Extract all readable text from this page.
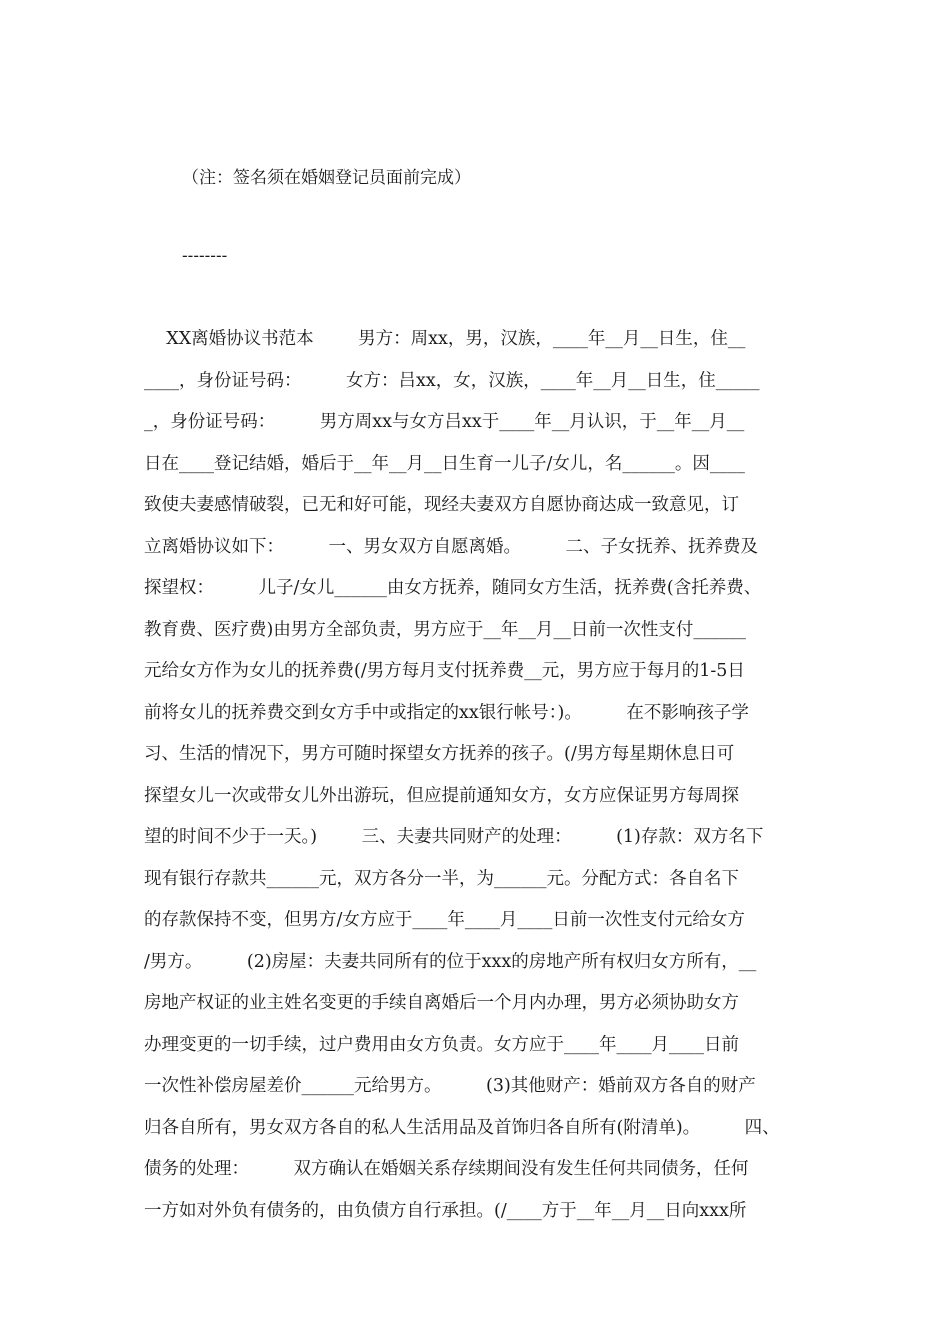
（注：签名须在婚姻登记员面前完成）
--------
XX离婚协议书范本        男方：周xx，男，汉族，____年__月__日生，住__
____，身份证号码：        女方：吕xx，女，汉族，____年__月__日生，住_____
_，身份证号码：        男方周xx与女方吕xx于____年__月认识，于__年__月__
日在____登记结婚，婚后于__年__月__日生育一儿子/女儿，名______。因____
致使夫妻感情破裂，已无和好可能，现经夫妻双方自愿协商达成一致意见，订
立离婚协议如下：        一、男女双方自愿离婚。        二、子女抚养、抚养费及
探望权：        儿子/女儿______由女方抚养，随同女方生活，抚养费(含托养费、
教育费、医疗费)由男方全部负责，男方应于__年__月__日前一次性支付______
元给女方作为女儿的抚养费(/男方每月支付抚养费__元，男方应于每月的1-5日
前将女儿的抚养费交到女方手中或指定的xx银行帐号：)。        在不影响孩子学
习、生活的情况下，男方可随时探望女方抚养的孩子。(/男方每星期休息日可
探望女儿一次或带女儿外出游玩，但应提前通知女方，女方应保证男方每周探
望的时间不少于一天。)        三、夫妻共同财产的处理：        (1)存款：双方名下
现有银行存款共______元，双方各分一半，为______元。分配方式：各自名下
的存款保持不变，但男方/女方应于____年____月____日前一次性支付元给女方
/男方。        (2)房屋：夫妻共同所有的位于xxx的房地产所有权归女方所有，__
房地产权证的业主姓名变更的手续自离婚后一个月内办理，男方必须协助女方
办理变更的一切手续，过户费用由女方负责。女方应于____年____月____日前
一次性补偿房屋差价______元给男方。        (3)其他财产：婚前双方各自的财产
归各自所有，男女双方各自的私人生活用品及首饰归各自所有(附清单)。        四、
债务的处理：        双方确认在婚姻关系存续期间没有发生任何共同债务，任何
一方如对外负有债务的，由负债方自行承担。(/____方于__年__月__日向xxx所
